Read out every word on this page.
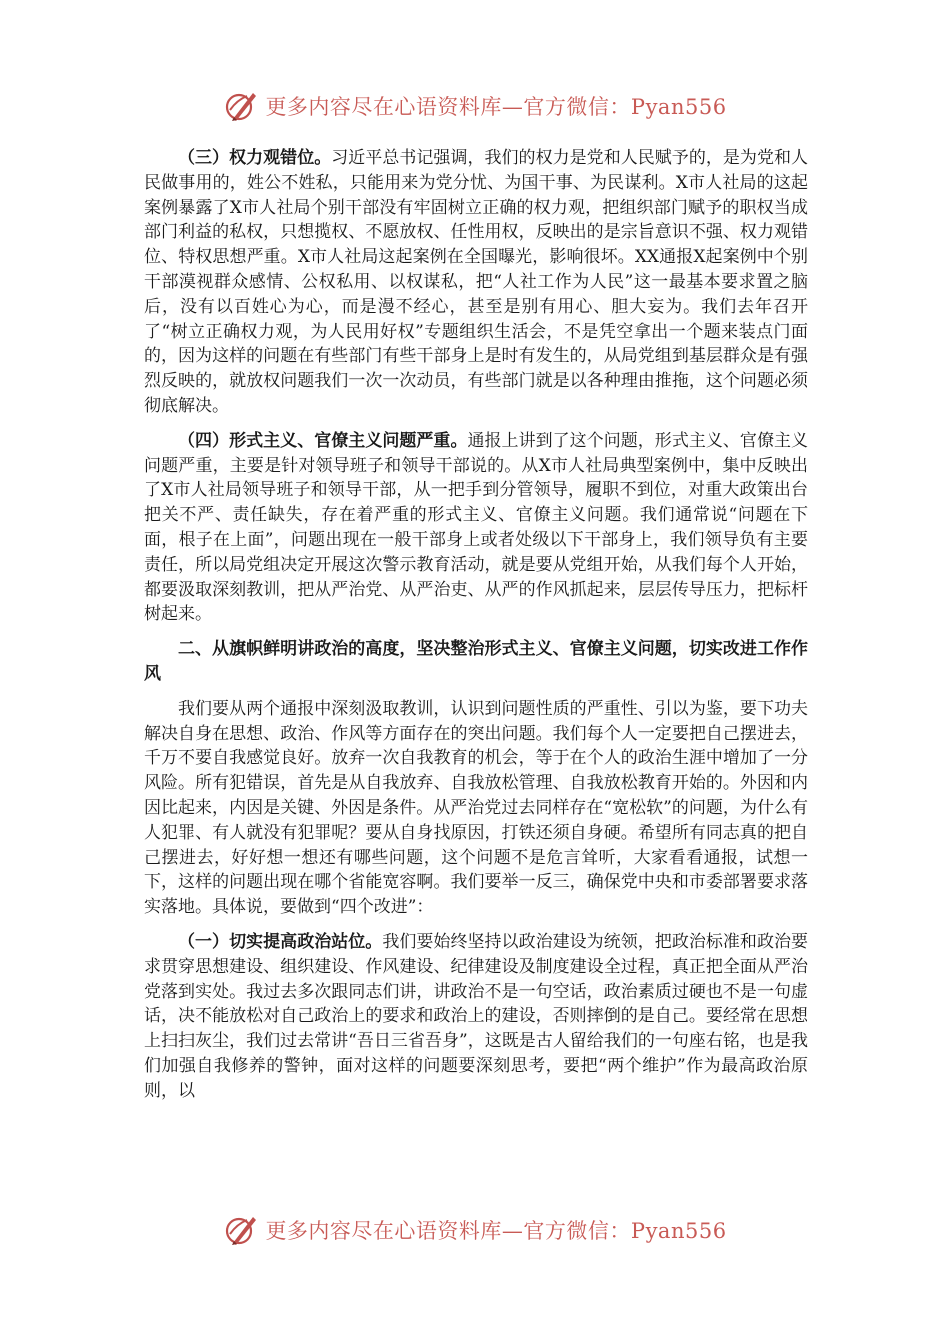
更多内容尽在心语资料库—官方微信：Pyan556

（三）权力观错位。习近平总书记强调，我们的权力是党和人民赋予的，是为党和人民做事用的，姓公不姓私，只能用来为党分忧、为国干事、为民谋利。X市人社局的这起案例暴露了X市人社局个别干部没有牢固树立正确的权力观，把组织部门赋予的职权当成部门利益的私权，只想揽权、不愿放权、任性用权，反映出的是宗旨意识不强、权力观错位、特权思想严重。X市人社局这起案例在全国曝光，影响很坏。XX通报X起案例中个别干部漠视群众感情、公权私用、以权谋私，把“人社工作为人民”这一最基本要求置之脑后，没有以百姓心为心，而是漫不经心，甚至是别有用心、胆大妄为。我们去年召开了“树立正确权力观，为人民用好权”专题组织生活会，不是凭空拿出一个题来装点门面的，因为这样的问题在有些部门有些干部身上是时有发生的，从局党组到基层群众是有强烈反映的，就放权问题我们一次一次动员，有些部门就是以各种理由推拖，这个问题必须彻底解决。

（四）形式主义、官僚主义问题严重。通报上讲到了这个问题，形式主义、官僚主义问题严重，主要是针对领导班子和领导干部说的。从X市人社局典型案例中，集中反映出了X市人社局领导班子和领导干部，从一把手到分管领导，履职不到位，对重大政策出台把关不严、责任缺失，存在着严重的形式主义、官僚主义问题。我们通常说“问题在下面，根子在上面”，问题出现在一般干部身上或者处级以下干部身上，我们领导负有主要责任，所以局党组决定开展这次警示教育活动，就是要从党组开始，从我们每个人开始，都要汲取深刻教训，把从严治党、从严治吏、从严的作风抓起来，层层传导压力，把标杆树起来。

二、从旗帜鲜明讲政治的高度，坚决整治形式主义、官僚主义问题，切实改进工作作风

我们要从两个通报中深刻汲取教训，认识到问题性质的严重性、引以为鉴，要下功夫解决自身在思想、政治、作风等方面存在的突出问题。我们每个人一定要把自己摆进去，千万不要自我感觉良好。放弃一次自我教育的机会，等于在个人的政治生涯中增加了一分风险。所有犯错误，首先是从自我放弃、自我放松管理、自我放松教育开始的。外因和内因比起来，内因是关键、外因是条件。从严治党过去同样存在“宽松软”的问题，为什么有人犯罪、有人就没有犯罪呢？要从自身找原因，打铁还须自身硬。希望所有同志真的把自己摆进去，好好想一想还有哪些问题，这个问题不是危言耸听，大家看看通报，试想一下，这样的问题出现在哪个省能宽容啊。我们要举一反三，确保党中央和市委部署要求落实落地。具体说，要做到“四个改进”：

（一）切实提高政治站位。我们要始终坚持以政治建设为统领，把政治标准和政治要求贯穿思想建设、组织建设、作风建设、纪律建设及制度建设全过程，真正把全面从严治党落到实处。我过去多次跟同志们讲，讲政治不是一句空话，政治素质过硬也不是一句虚话，决不能放松对自己政治上的要求和政治上的建设，否则摔倒的是自己。要经常在思想上扫扫灰尘，我们过去常讲“吾日三省吾身”，这既是古人留给我们的一句座右铭，也是我们加强自我修养的警钟，面对这样的问题要深刻思考，要把“两个维护”作为最高政治原则，以

更多内容尽在心语资料库—官方微信：Pyan556
